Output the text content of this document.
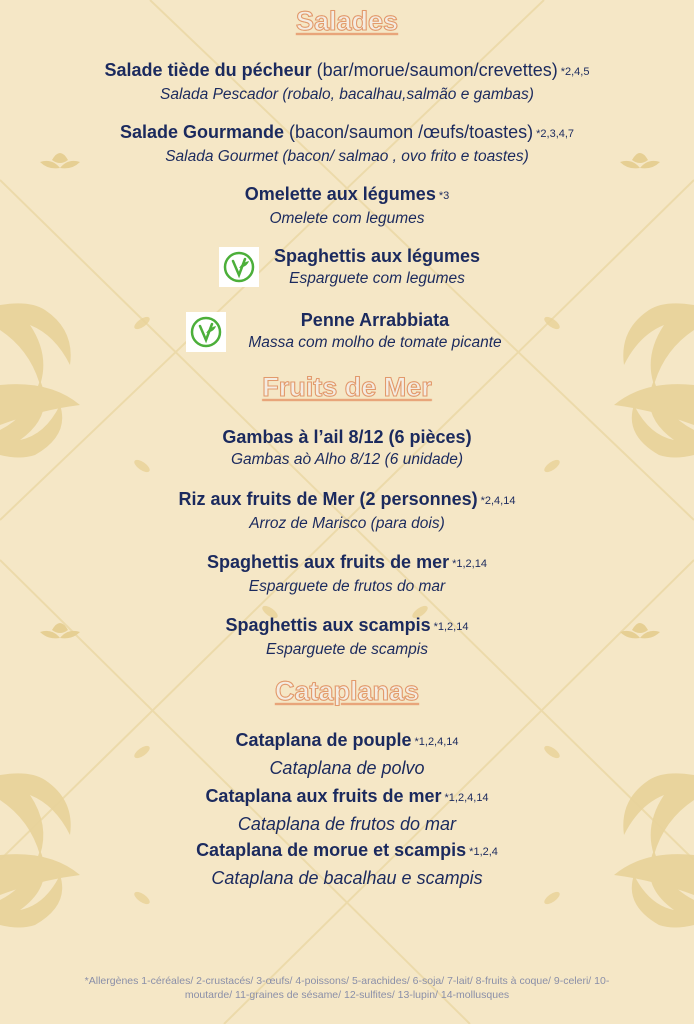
Salades
Salade tiède du pécheur (bar/morue/saumon/crevettes) *2,4,5
Salada Pescador (robalo, bacalhau,salmão e gambas)
Salade Gourmande (bacon/saumon /œufs/toastes) *2,3,4,7
Salada Gourmet (bacon/ salmao , ovo frito e toastes)
Omelette aux légumes *3
Omelete com legumes
Spaghettis aux légumes
Esparguete com legumes
Penne Arrabbiata
Massa com molho de tomate picante
Fruits de Mer
Gambas à l’ail 8/12 (6 pièces)
Gambas aò Alho 8/12 (6 unidade)
Riz aux fruits de Mer (2 personnes) *2,4,14
Arroz de Marisco (para dois)
Spaghettis aux fruits de mer *1,2,14
Esparguete de frutos do mar
Spaghettis aux scampis *1,2,14
Esparguete de scampis
Cataplanas
Cataplana de pouple *1,2,4,14
Cataplana de polvo
Cataplana aux fruits de mer *1,2,4,14
Cataplana de frutos do mar
Cataplana de morue et scampis *1,2,4
Cataplana de bacalhau e scampis
*Allergènes 1-céréales/ 2-crustacés/ 3-œufs/ 4-poissons/ 5-arachides/ 6-soja/ 7-lait/ 8-fruits à coque/ 9-celeri/ 10-
moutarde/ 11-graines de sésame/ 12-sulfites/ 13-lupin/ 14-mollusques
